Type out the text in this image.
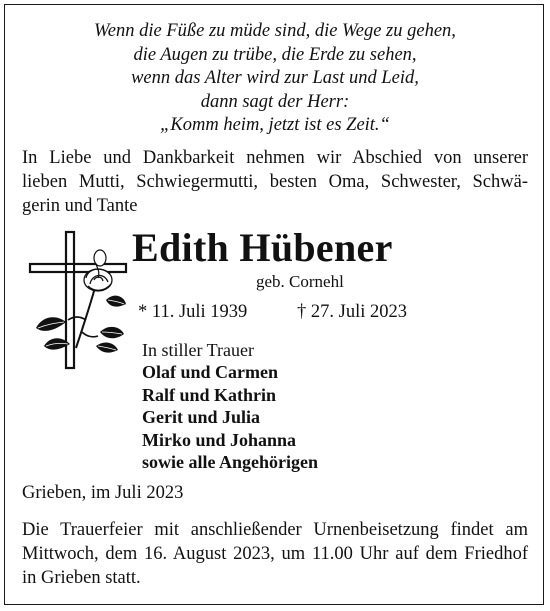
Wenn die Füße zu müde sind, die Wege zu gehen,
die Augen zu trübe, die Erde zu sehen,
wenn das Alter wird zur Last und Leid,
dann sagt der Herr:
„Komm heim, jetzt ist es Zeit.“
In Liebe und Dankbarkeit nehmen wir Abschied von unserer
lieben Mutti, Schwiegermutti, besten Oma, Schwester, Schwä-
gerin und Tante
Edith Hübener
geb. Cornehl
* 11. Juli 1939	† 27. Juli 2023
In stiller Trauer
Olaf und Carmen
Ralf und Kathrin
Gerit und Julia
Mirko und Johanna
sowie alle Angehörigen
Grieben, im Juli 2023
Die Trauerfeier mit anschließender Urnenbeisetzung findet am
Mittwoch, dem 16. August 2023, um 11.00 Uhr auf dem Friedhof
in Grieben statt.
